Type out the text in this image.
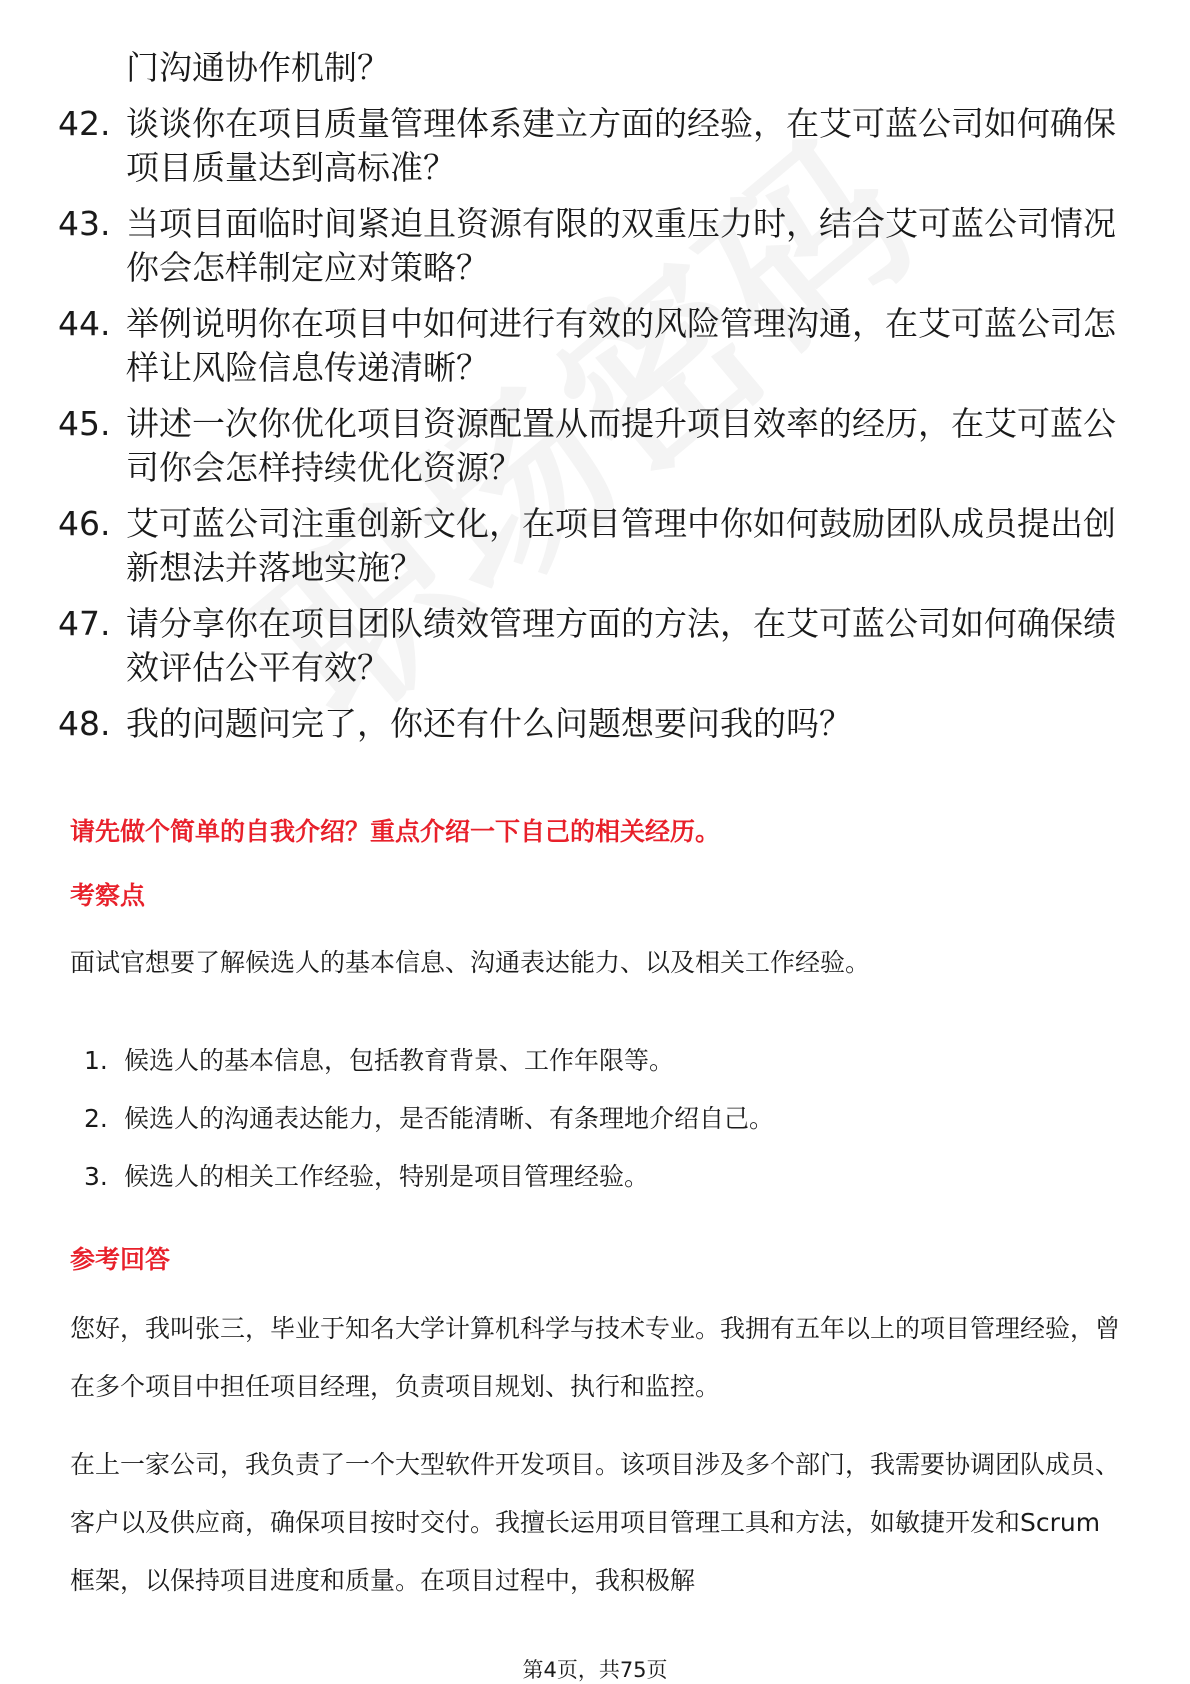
门沟通协作机制？
42. 谈谈你在项目质量管理体系建立方面的经验，在艾可蓝公司如何确保项目质量达到高标准？
43. 当项目面临时间紧迫且资源有限的双重压力时，结合艾可蓝公司情况你会怎样制定应对策略？
44. 举例说明你在项目中如何进行有效的风险管理沟通，在艾可蓝公司怎样让风险信息传递清晰？
45. 讲述一次你优化项目资源配置从而提升项目效率的经历，在艾可蓝公司你会怎样持续优化资源？
46. 艾可蓝公司注重创新文化，在项目管理中你如何鼓励团队成员提出创新想法并落地实施？
47. 请分享你在项目团队绩效管理方面的方法，在艾可蓝公司如何确保绩效评估公平有效？
48. 我的问题问完了，你还有什么问题想要问我的吗？
请先做个简单的自我介绍？重点介绍一下自己的相关经历。
考察点
面试官想要了解候选人的基本信息、沟通表达能力、以及相关工作经验。
1. 候选人的基本信息，包括教育背景、工作年限等。
2. 候选人的沟通表达能力，是否能清晰、有条理地介绍自己。
3. 候选人的相关工作经验，特别是项目管理经验。
参考回答
您好，我叫张三，毕业于知名大学计算机科学与技术专业。我拥有五年以上的项目管理经验，曾在多个项目中担任项目经理，负责项目规划、执行和监控。
在上一家公司，我负责了一个大型软件开发项目。该项目涉及多个部门，我需要协调团队成员、客户以及供应商，确保项目按时交付。我擅长运用项目管理工具和方法，如敏捷开发和Scrum框架，以保持项目进度和质量。在项目过程中，我积极解
第4页，共75页
